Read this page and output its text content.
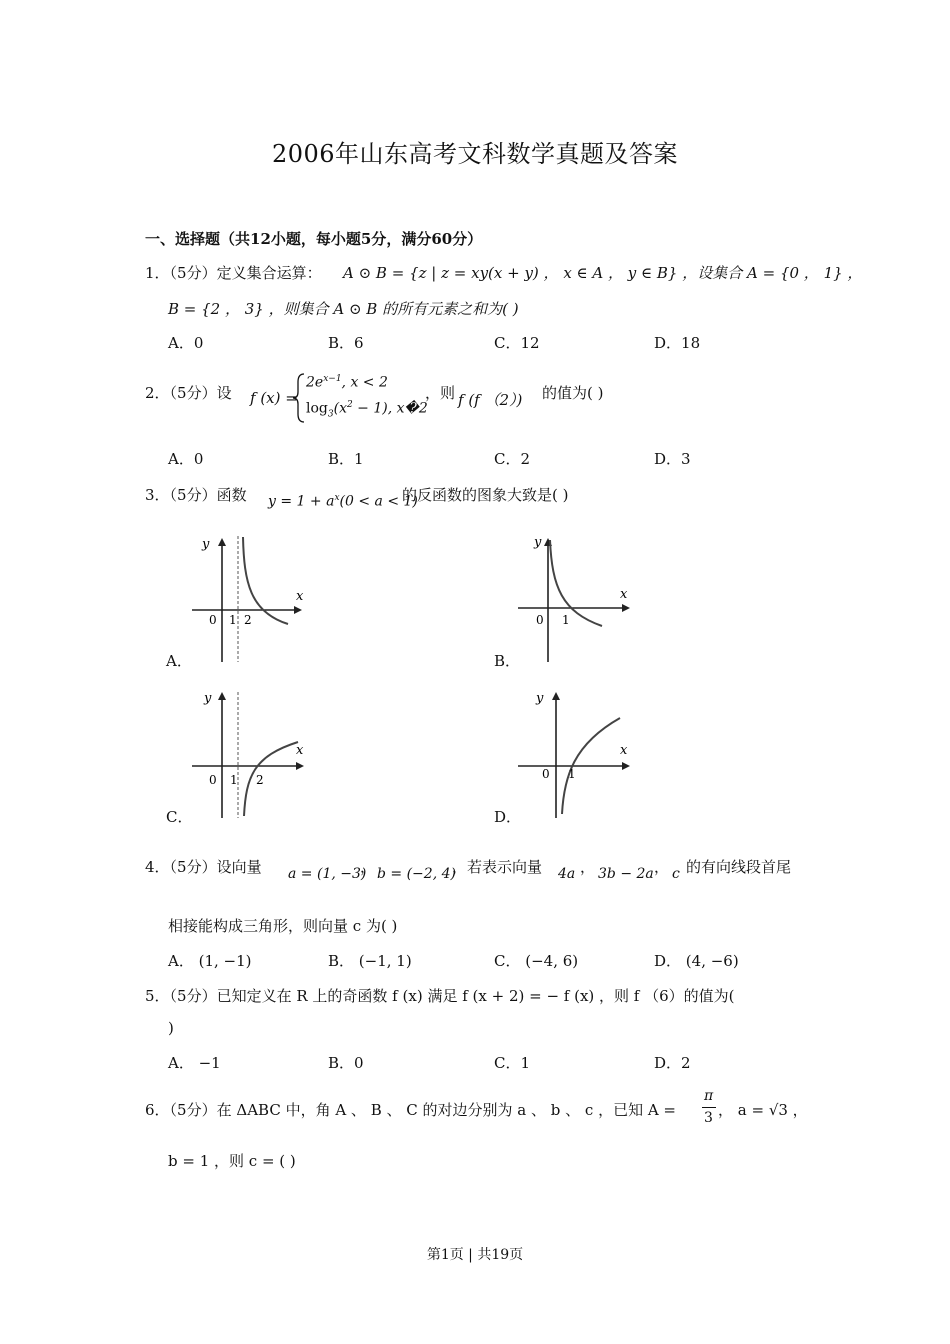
2006年山东高考文科数学真题及答案
一、选择题（共12小题，每小题5分，满分60分）
1．（5分）定义集合运算： A ⊙ B = {z | z = xy(x + y) ， x ∈ A ， y ∈ B} ，设集合 A = {0 ， 1} ，
B = {2 ， 3} ，则集合 A ⊙ B 的所有元素之和为( )
A．0	B．6	C．12	D．18
2．（5分）设 f (x) =
$2e^{x-1}$, x < 2
$\log_3(x^2 - 1)$, x�2
，则 f (f （2）) 的值为( )
A．0	B．1	C．2	D．3
3．（5分）函数 $y = 1 + a^x(0 < a < 1)$
的反函数的图象大致是( )
y
x
0 1 2
A．
y
x
0 1
B．
y
x
0 1 2
C．
y
x
0 1
D．
4．（5分）设向量 a = (1, −3)
， b = (−2, 4)
，若表示向量 4a ， 3b − 2a ， c 的有向线段首尾
相接能构成三角形，则向量 c 为( )
A． (1, −1)	B． (−1, 1)	C． (−4, 6)	D． (4, −6)
5．（5分）已知定义在 R 上的奇函数 f (x) 满足 f (x + 2) = − f (x) ，则 f （6）的值为(
)
A． −1	B．0	C．1	D．2
6．（5分）在 ΔABC 中，角 A 、 B 、 C 的对边分别为 a 、 b 、 c ，已知 A =
π
3 ， a = √3 ，
b = 1 ，则 c = ( )
第1页 | 共19页
